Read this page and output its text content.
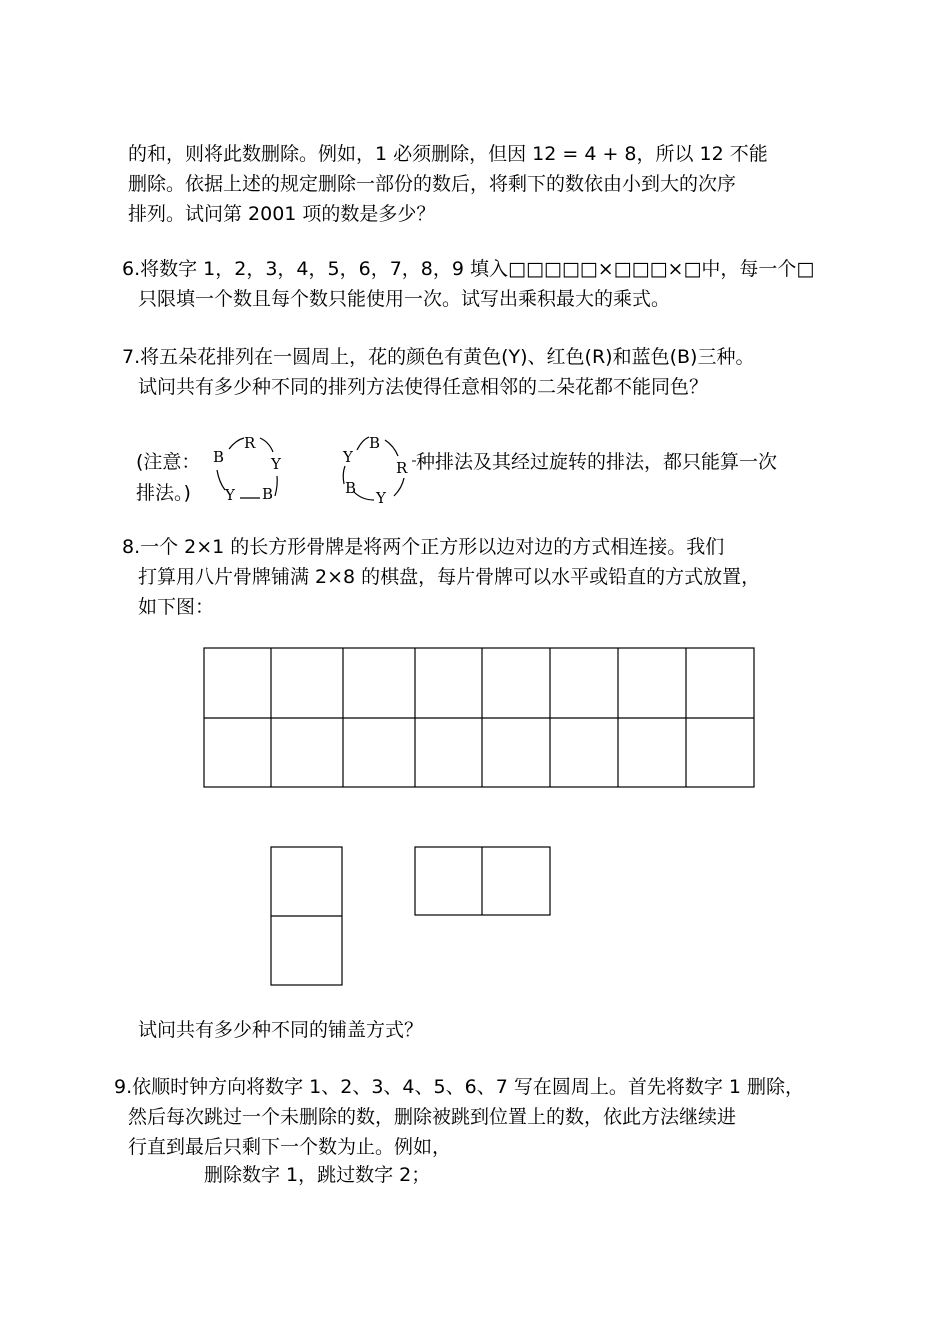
的和，则将此数删除。例如，1 必须删除，但因 12 = 4 + 8，所以 12 不能
删除。依据上述的规定删除一部份的数后，将剩下的数依由小到大的次序
排列。试问第 2001 项的数是多少？
6.将数字 1，2，3，4，5，6，7，8，9 填入□□□□□×□□□×□中，每一个□
只限填一个数且每个数只能使用一次。试写出乘积最大的乘式。
7.将五朵花排列在一圆周上，花的颜色有黄色(Y)、红色(R)和蓝色(B)三种。
试问共有多少种不同的排列方法使得任意相邻的二朵花都不能同色？
(注意：	种排法及其经过旋转的排法，都只能算一次
排法。)
R
Y
B
Y
B
B
R
Y
B
Y
8.一个 2×1 的长方形骨牌是将两个正方形以边对边的方式相连接。我们
打算用八片骨牌铺满 2×8 的棋盘，每片骨牌可以水平或铅直的方式放置，
如下图：
试问共有多少种不同的铺盖方式？
9.依顺时钟方向将数字 1、2、3、4、5、6、7 写在圆周上。首先将数字 1 删除，
然后每次跳过一个未删除的数，删除被跳到位置上的数，依此方法继续进
行直到最后只剩下一个数为止。例如，
删除数字 1，跳过数字 2；
